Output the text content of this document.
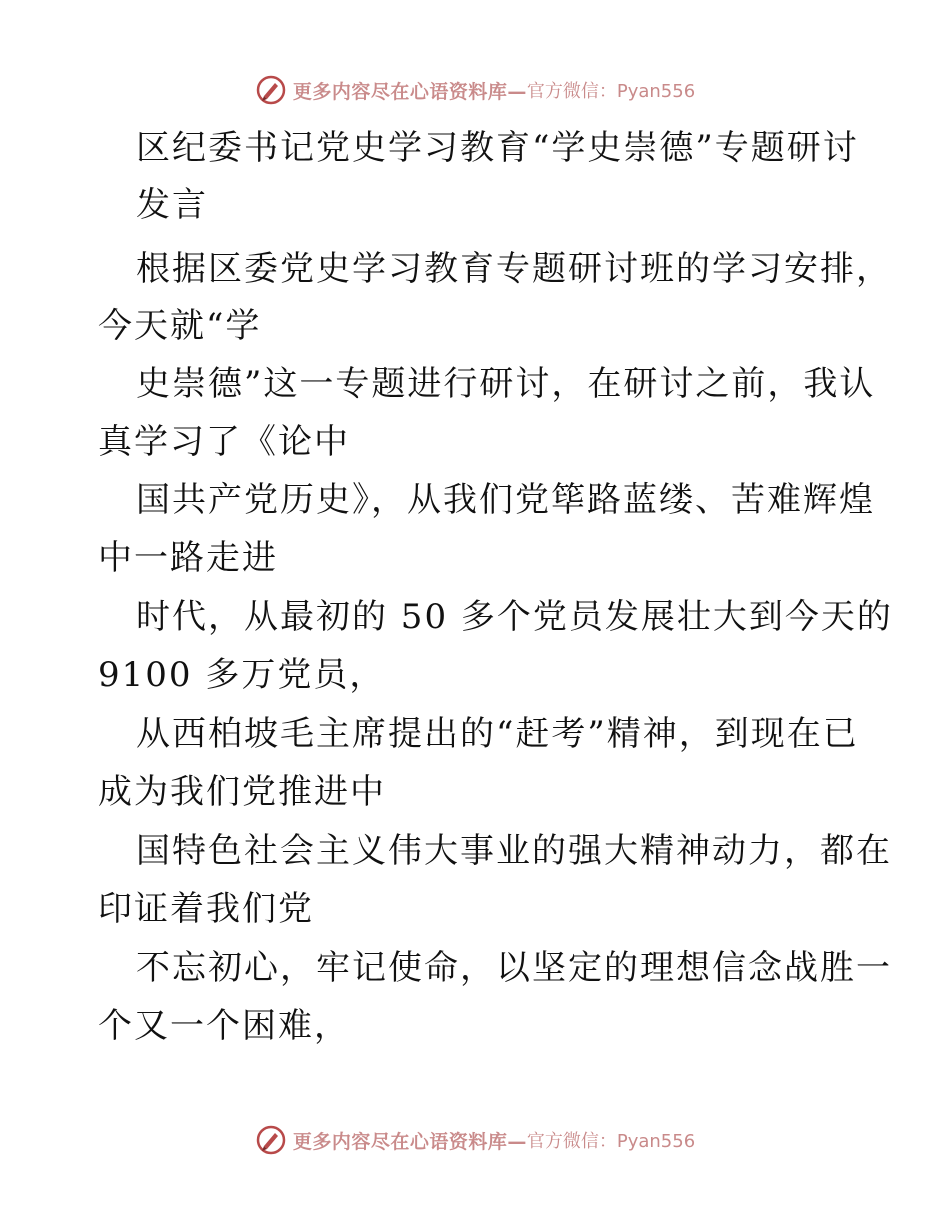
更多内容尽在心语资料库— 官方微信：Pyan556
区纪委书记党史学习教育“学史崇德”专题研讨
发言
根据区委党史学习教育专题研讨班的学习安排，
今天就“学
史崇德”这一专题进行研讨，在研讨之前，我认
真学习了《论中
国共产党历史》，从我们党筚路蓝缕、苦难辉煌
中一路走进
时代，从最初的 50 多个党员发展壮大到今天的
9100 多万党员，
从西柏坡毛主席提出的“赶考”精神，到现在已
成为我们党推进中
国特色社会主义伟大事业的强大精神动力，都在
印证着我们党
不忘初心，牢记使命，以坚定的理想信念战胜一
个又一个困难，
更多内容尽在心语资料库— 官方微信：Pyan556
